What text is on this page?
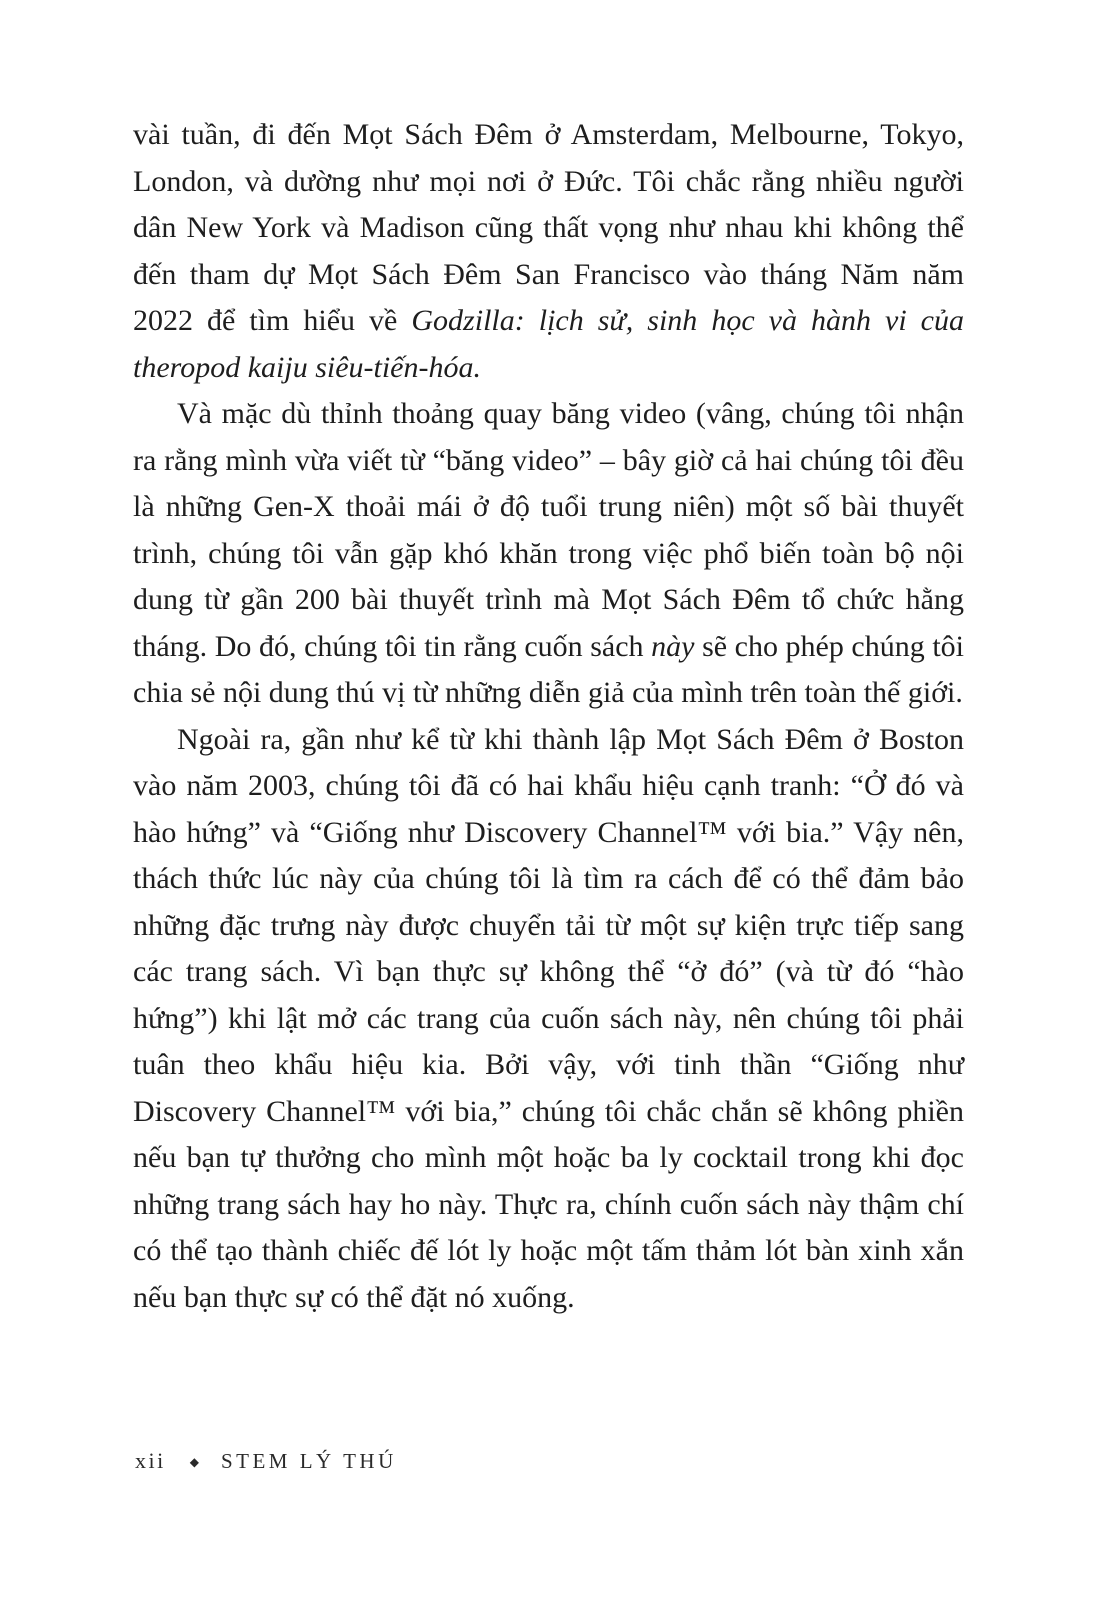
vài tuần, đi đến Mọt Sách Đêm ở Amsterdam, Melbourne, Tokyo, London, và dường như mọi nơi ở Đức. Tôi chắc rằng nhiều người dân New York và Madison cũng thất vọng như nhau khi không thể đến tham dự Mọt Sách Đêm San Francisco vào tháng Năm năm 2022 để tìm hiểu về Godzilla: lịch sử, sinh học và hành vi của theropod kaiju siêu-tiến-hóa.

Và mặc dù thỉnh thoảng quay băng video (vâng, chúng tôi nhận ra rằng mình vừa viết từ “băng video” – bây giờ cả hai chúng tôi đều là những Gen-X thoải mái ở độ tuổi trung niên) một số bài thuyết trình, chúng tôi vẫn gặp khó khăn trong việc phổ biến toàn bộ nội dung từ gần 200 bài thuyết trình mà Mọt Sách Đêm tổ chức hằng tháng. Do đó, chúng tôi tin rằng cuốn sách này sẽ cho phép chúng tôi chia sẻ nội dung thú vị từ những diễn giả của mình trên toàn thế giới.

Ngoài ra, gần như kể từ khi thành lập Mọt Sách Đêm ở Boston vào năm 2003, chúng tôi đã có hai khẩu hiệu cạnh tranh: “Ở đó và hào hứng” và “Giống như Discovery Channel™ với bia.” Vậy nên, thách thức lúc này của chúng tôi là tìm ra cách để có thể đảm bảo những đặc trưng này được chuyển tải từ một sự kiện trực tiếp sang các trang sách. Vì bạn thực sự không thể “ở đó” (và từ đó “hào hứng”) khi lật mở các trang của cuốn sách này, nên chúng tôi phải tuân theo khẩu hiệu kia. Bởi vậy, với tinh thần “Giống như Discovery Channel™ với bia,” chúng tôi chắc chắn sẽ không phiền nếu bạn tự thưởng cho mình một hoặc ba ly cocktail trong khi đọc những trang sách hay ho này. Thực ra, chính cuốn sách này thậm chí có thể tạo thành chiếc đế lót ly hoặc một tấm thảm lót bàn xinh xắn nếu bạn thực sự có thể đặt nó xuống.

xii ◆ STEM LÝ THÚ
